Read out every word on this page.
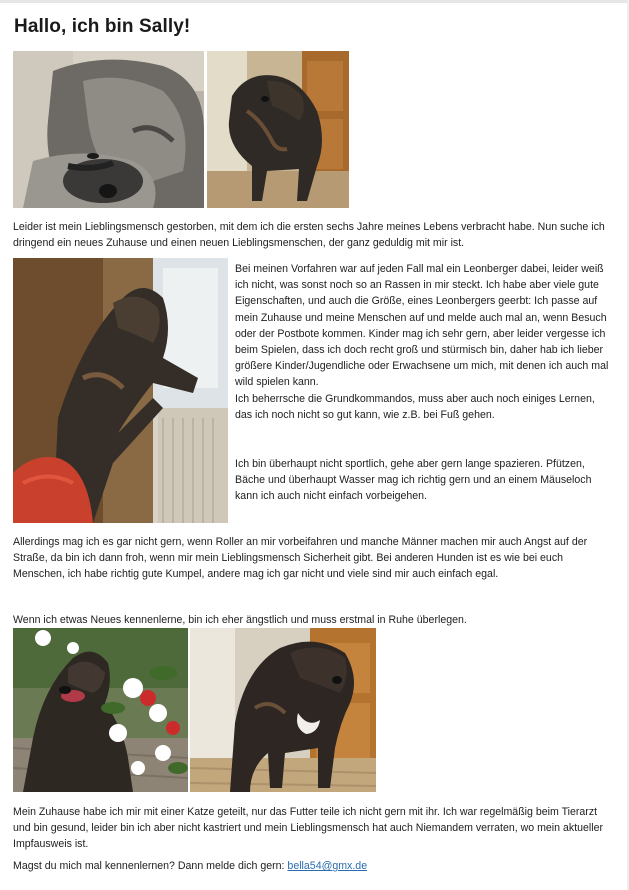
Hallo, ich bin Sally!

Leider ist mein Lieblingsmensch gestorben, mit dem ich die ersten sechs Jahre meines Lebens verbracht habe. Nun suche ich dringend ein neues Zuhause und einen neuen Lieblingsmenschen, der ganz geduldig mit mir ist.

Bei meinen Vorfahren war auf jeden Fall mal ein Leonberger dabei, leider weiß ich nicht, was sonst noch so an Rassen in mir steckt. Ich habe aber viele gute Eigenschaften, und auch die Größe, eines Leonbergers geerbt: Ich passe auf mein Zuhause und meine Menschen auf und melde auch mal an, wenn Besuch oder der Postbote kommen. Kinder mag ich sehr gern, aber leider vergesse ich beim Spielen, dass ich doch recht groß und stürmisch bin, daher hab ich lieber größere Kinder/Jugendliche oder Erwachsene um mich, mit denen ich auch mal wild spielen kann.

Ich beherrsche die Grundkommandos, muss aber auch noch einiges Lernen, das ich noch nicht so gut kann, wie z.B. bei Fuß gehen.

Ich bin überhaupt nicht sportlich, gehe aber gern lange spazieren. Pfützen, Bäche und überhaupt Wasser mag ich richtig gern und an einem Mäuseloch kann ich auch nicht einfach vorbeigehen.

Allerdings mag ich es gar nicht gern, wenn Roller an mir vorbeifahren und manche Männer machen mir auch Angst auf der Straße, da bin ich dann froh, wenn mir mein Lieblingsmensch Sicherheit gibt. Bei anderen Hunden ist es wie bei euch Menschen, ich habe richtig gute Kumpel, andere mag ich gar nicht und viele sind mir auch einfach egal.

Wenn ich etwas Neues kennenlerne, bin ich eher ängstlich und muss erstmal in Ruhe überlegen.

Mein Zuhause habe ich mir mit einer Katze geteilt, nur das Futter teile ich nicht gern mit ihr. Ich war regelmäßig beim Tierarzt und bin gesund, leider bin ich aber nicht kastriert und mein Lieblingsmensch hat auch Niemandem verraten, wo mein aktueller Impfausweis ist.

Magst du mich mal kennenlernen? Dann melde dich gern: bella54@gmx.de
